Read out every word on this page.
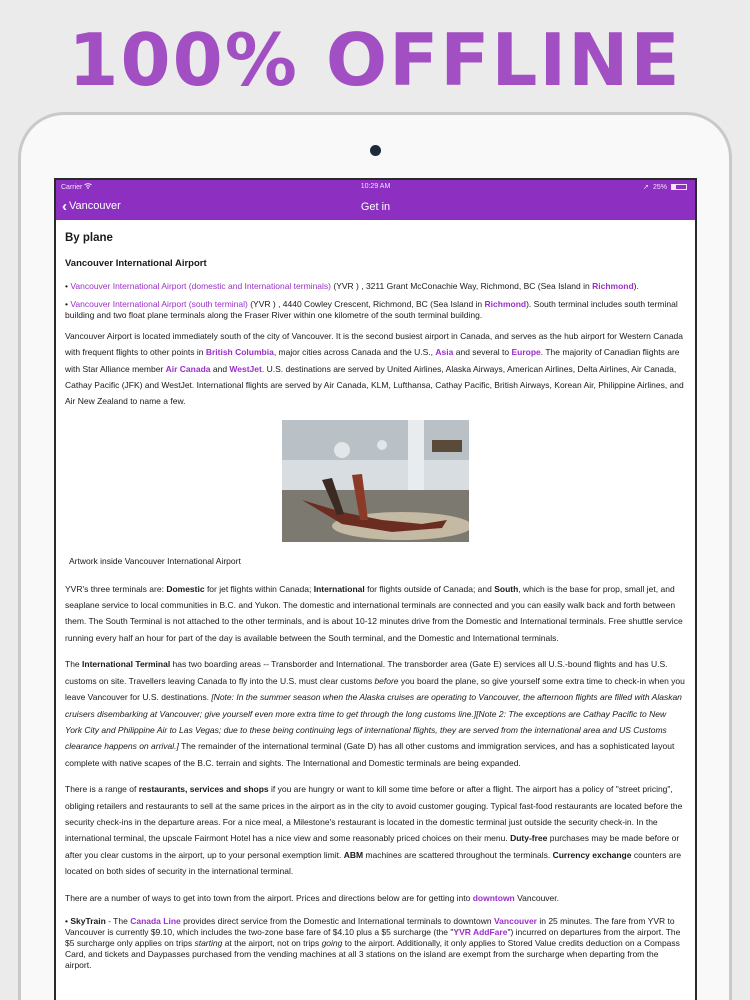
100% OFFLINE
Carrier	10:29 AM	➚ 25%
‹ Vancouver	Get in
By plane
Vancouver International Airport
• Vancouver International Airport (domestic and International terminals) (YVR ) , 3211 Grant McConachie Way, Richmond, BC (Sea Island in Richmond).
• Vancouver International Airport (south terminal) (YVR ) , 4440 Cowley Crescent, Richmond, BC (Sea Island in Richmond). South terminal includes south terminal building and two float plane terminals along the Fraser River within one kilometre of the south terminal building.
Vancouver Airport is located immediately south of the city of Vancouver. It is the second busiest airport in Canada, and serves as the hub airport for Western Canada with frequent flights to other points in British Columbia, major cities across Canada and the U.S., Asia and several to Europe. The majority of Canadian flights are with Star Alliance member Air Canada and WestJet. U.S. destinations are served by United Airlines, Alaska Airways, American Airlines, Delta Airlines, Air Canada, Cathay Pacific (JFK) and WestJet. International flights are served by Air Canada, KLM, Lufthansa, Cathay Pacific, British Airways, Korean Air, Philippine Airlines, and Air New Zealand to name a few.
Artwork inside Vancouver International Airport
YVR's three terminals are: Domestic for jet flights within Canada; International for flights outside of Canada; and South, which is the base for prop, small jet, and seaplane service to local communities in B.C. and Yukon. The domestic and international terminals are connected and you can easily walk back and forth between them. The South Terminal is not attached to the other terminals, and is about 10-12 minutes drive from the Domestic and International terminals. Free shuttle service running every half an hour for part of the day is available between the South terminal, and the Domestic and International terminals.
The International Terminal has two boarding areas -- Transborder and International. The transborder area (Gate E) services all U.S.-bound flights and has U.S. customs on site. Travellers leaving Canada to fly into the U.S. must clear customs before you board the plane, so give yourself some extra time to check-in when you leave Vancouver for U.S. destinations. [Note: In the summer season when the Alaska cruises are operating to Vancouver, the afternoon flights are filled with Alaskan cruisers disembarking at Vancouver; give yourself even more extra time to get through the long customs line.][Note 2: The exceptions are Cathay Pacific to New York City and Philippine Air to Las Vegas; due to these being continuing legs of international flights, they are served from the international area and US Customs clearance happens on arrival.] The remainder of the international terminal (Gate D) has all other customs and immigration services, and has a sophisticated layout complete with native scapes of the B.C. terrain and sights. The International and Domestic terminals are being expanded.
There is a range of restaurants, services and shops if you are hungry or want to kill some time before or after a flight. The airport has a policy of "street pricing", obliging retailers and restaurants to sell at the same prices in the airport as in the city to avoid customer gouging. Typical fast-food restaurants are located before the security check-ins in the departure areas. For a nice meal, a Milestone's restaurant is located in the domestic terminal just outside the security check-in. In the international terminal, the upscale Fairmont Hotel has a nice view and some reasonably priced choices on their menu. Duty-free purchases may be made before or after you clear customs in the airport, up to your personal exemption limit. ABM machines are scattered throughout the terminals. Currency exchange counters are located on both sides of security in the international terminal.
There are a number of ways to get into town from the airport. Prices and directions below are for getting into downtown Vancouver.
• SkyTrain - The Canada Line provides direct service from the Domestic and International terminals to downtown Vancouver in 25 minutes. The fare from YVR to Vancouver is currently $9.10, which includes the two-zone base fare of $4.10 plus a $5 surcharge (the "YVR AddFare") incurred on departures from the airport. The $5 surcharge only applies on trips starting at the airport, not on trips going to the airport. Additionally, it only applies to Stored Value credits deduction on a Compass Card, and tickets and Daypasses purchased from the vending machines at all 3 stations on the island are exempt from the surcharge when departing from the airport.
